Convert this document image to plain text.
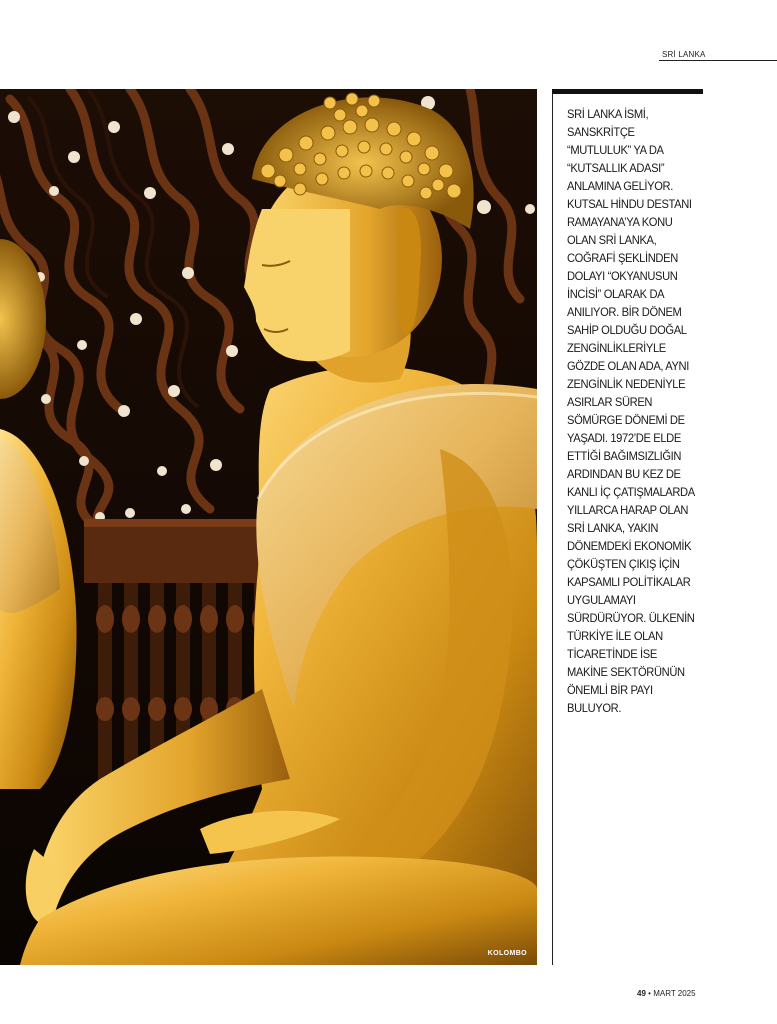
SRİ LANKA
KOLOMBO
SRİ LANKA İSMİ,
SANSKRİTÇE
“MUTLULUK” YA DA
“KUTSALLIK ADASI”
ANLAMINA GELİYOR.
KUTSAL HİNDU DESTANI
RAMAYANA’YA KONU
OLAN SRİ LANKA,
COĞRAFİ ŞEKLİNDEN
DOLAYI “OKYANUSUN
İNCİSİ” OLARAK DA
ANILIYOR. BİR DÖNEM
SAHİP OLDUĞU DOĞAL
ZENGİNLİKLERİYLE
GÖZDE OLAN ADA, AYNI
ZENGİNLİK NEDENİYLE
ASIRLAR SÜREN
SÖMÜRGE DÖNEMİ DE
YAŞADI. 1972’DE ELDE
ETTİĞİ BAĞIMSIZLIĞIN
ARDINDAN BU KEZ DE
KANLI İÇ ÇATIŞMALARDA
YILLARCA HARAP OLAN
SRİ LANKA, YAKIN
DÖNEMDEKİ EKONOMİK
ÇÖKÜŞTEN ÇIKIŞ İÇİN
KAPSAMLI POLİTİKALAR
UYGULAMAYI
SÜRDÜRÜYOR. ÜLKENİN
TÜRKİYE İLE OLAN
TİCARETİNDE İSE
MAKİNE SEKTÖRÜNÜN
ÖNEMLİ BİR PAYI
BULUYOR.
49 • MART 2025
